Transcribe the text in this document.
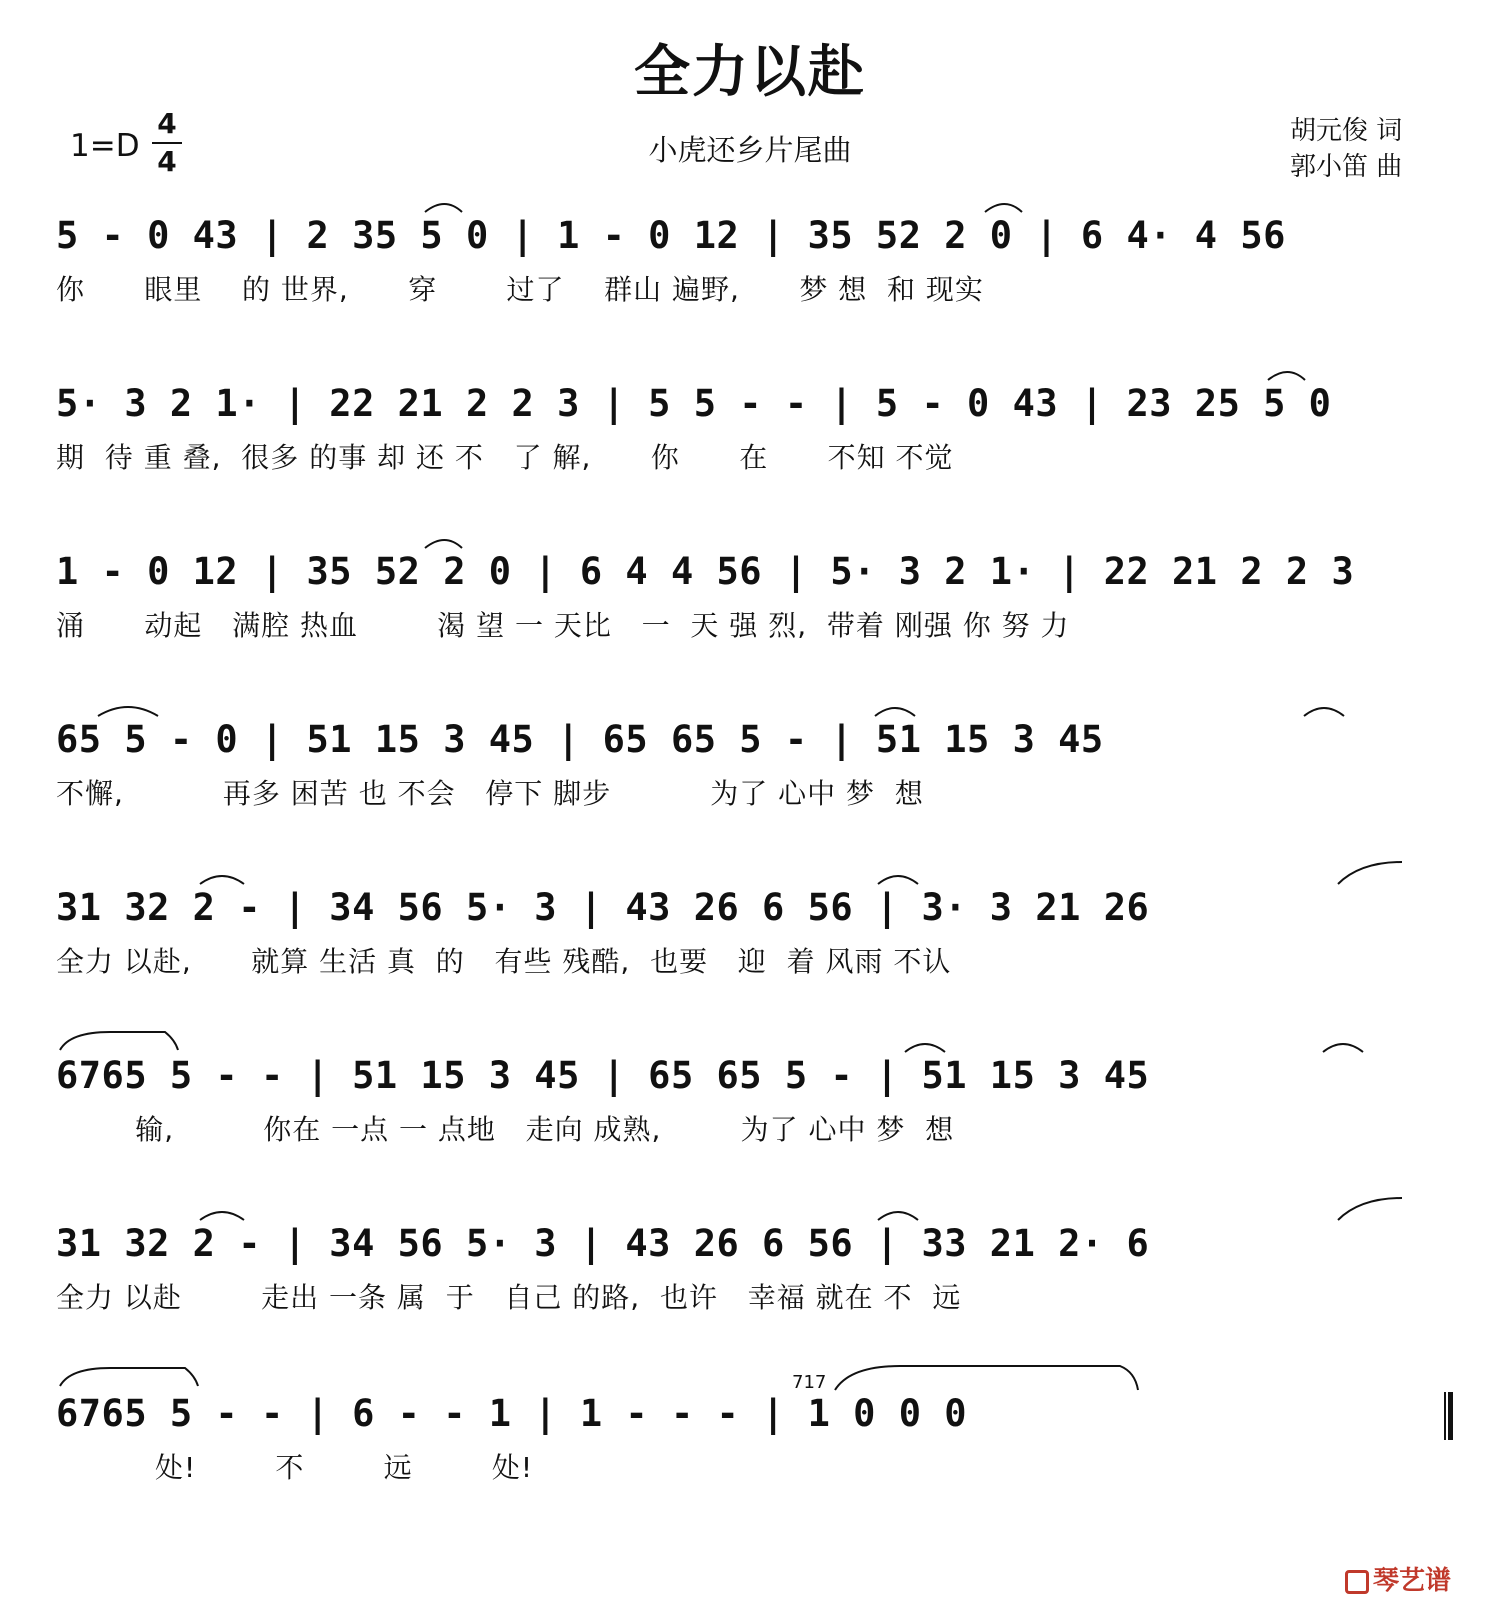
全力以赴
小虎还乡片尾曲
1=D
4
4
胡元俊 词
郭小笛 曲
5 - 0 43 | 2 35 5 0 | 1 - 0 12 | 35 52 2 0 | 6 4· 4 56
你      眼里    的 世界,      穿       过了    群山 遍野,      梦 想  和 现实
5· 3 2 1· | 22 21 2 2 3 | 5 5 - - | 5 - 0 43 | 23 25 5 0
期  待 重 叠,  很多 的事 却 还 不   了 解,      你      在      不知 不觉
1 - 0 12 | 35 52 2 0 | 6 4 4 56 | 5· 3 2 1· | 22 21 2 2 3
涌      动起   满腔 热血        渴 望 一 天比   一  天 强 烈,  带着 刚强 你 努 力
65 5 - 0 | 51 15 3 45 | 65 65 5 - | 51 15 3 45
不懈,          再多 困苦 也 不会   停下 脚步          为了 心中 梦  想
31 32 2 - | 34 56 5· 3 | 43 26 6 56 | 3· 3 21 26
全力 以赴,      就算 生活 真  的   有些 残酷,  也要   迎  着 风雨 不认
6765 5 - - | 51 15 3 45 | 65 65 5 - | 51 15 3 45
输,         你在 一点 一 点地   走向 成熟,        为了 心中 梦  想
31 32 2 - | 34 56 5· 3 | 43 26 6 56 | 33 21 2· 6
全力 以赴        走出 一条 属  于   自己 的路,  也许   幸福 就在 不  远
6765 5 - - | 6 - - 1 | 1 - - - | 1 0 0 0
处!        不        远        处!
717
琴艺谱
